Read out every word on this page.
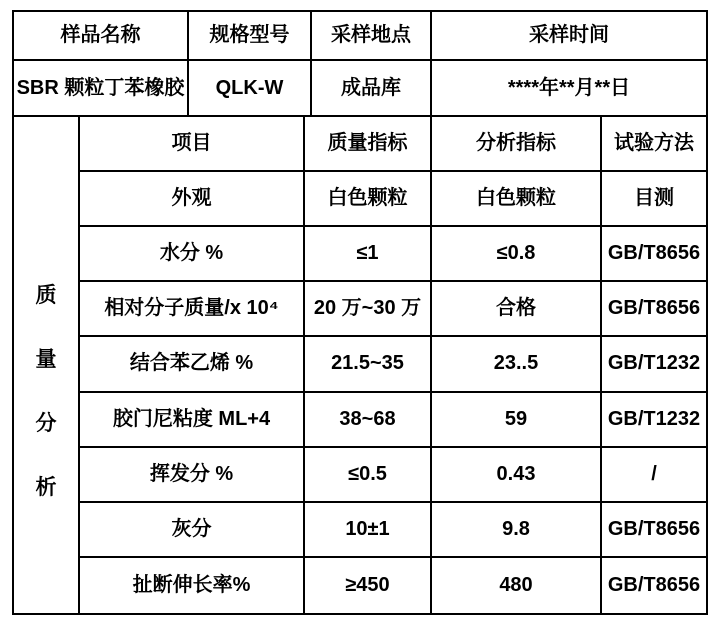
样品名称	规格型号	采样地点	采样时间
SBR 颗粒丁苯橡胶	QLK-W	成品库	****年**月**日
质
量
分
析
项目	质量指标	分析指标	试验方法
外观	白色颗粒	白色颗粒	目测
水分 %	≤1	≤0.8	GB/T8656
相对分子质量/x 10⁴	20 万~30 万	合格	GB/T8656
结合苯乙烯 %	21.5~35	23..5	GB/T1232
胶门尼粘度 ML+4	38~68	59	GB/T1232
挥发分 %	≤0.5	0.43	/
灰分	10±1	9.8	GB/T8656
扯断伸长率%	≥450	480	GB/T8656
